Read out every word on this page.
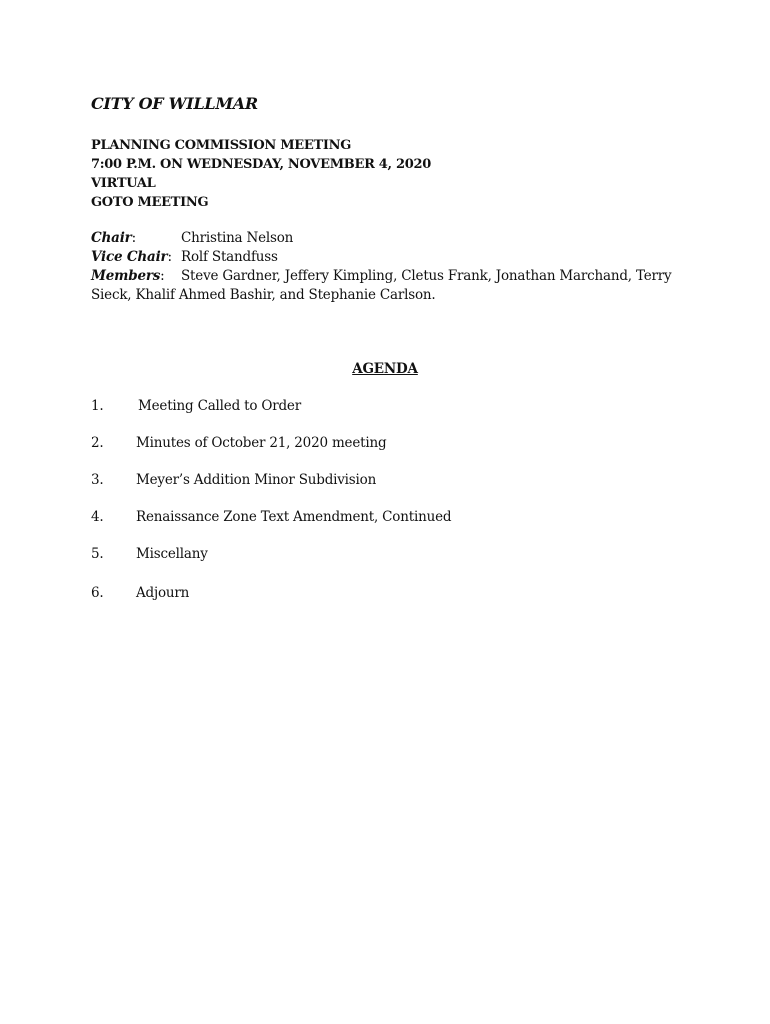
CITY OF WILLMAR
PLANNING COMMISSION MEETING
7:00 P.M. ON WEDNESDAY, NOVEMBER 4, 2020
VIRTUAL
GOTO MEETING
Chair:	Christina Nelson
Vice Chair: Rolf Standfuss
Members: Steve Gardner, Jeffery Kimpling, Cletus Frank, Jonathan Marchand, Terry
Sieck, Khalif Ahmed Bashir, and Stephanie Carlson.
AGENDA
1.	Meeting Called to Order
2. Minutes of October 21, 2020 meeting
3. Meyer’s Addition Minor Subdivision
4. Renaissance Zone Text Amendment, Continued
5. Miscellany
6. Adjourn
